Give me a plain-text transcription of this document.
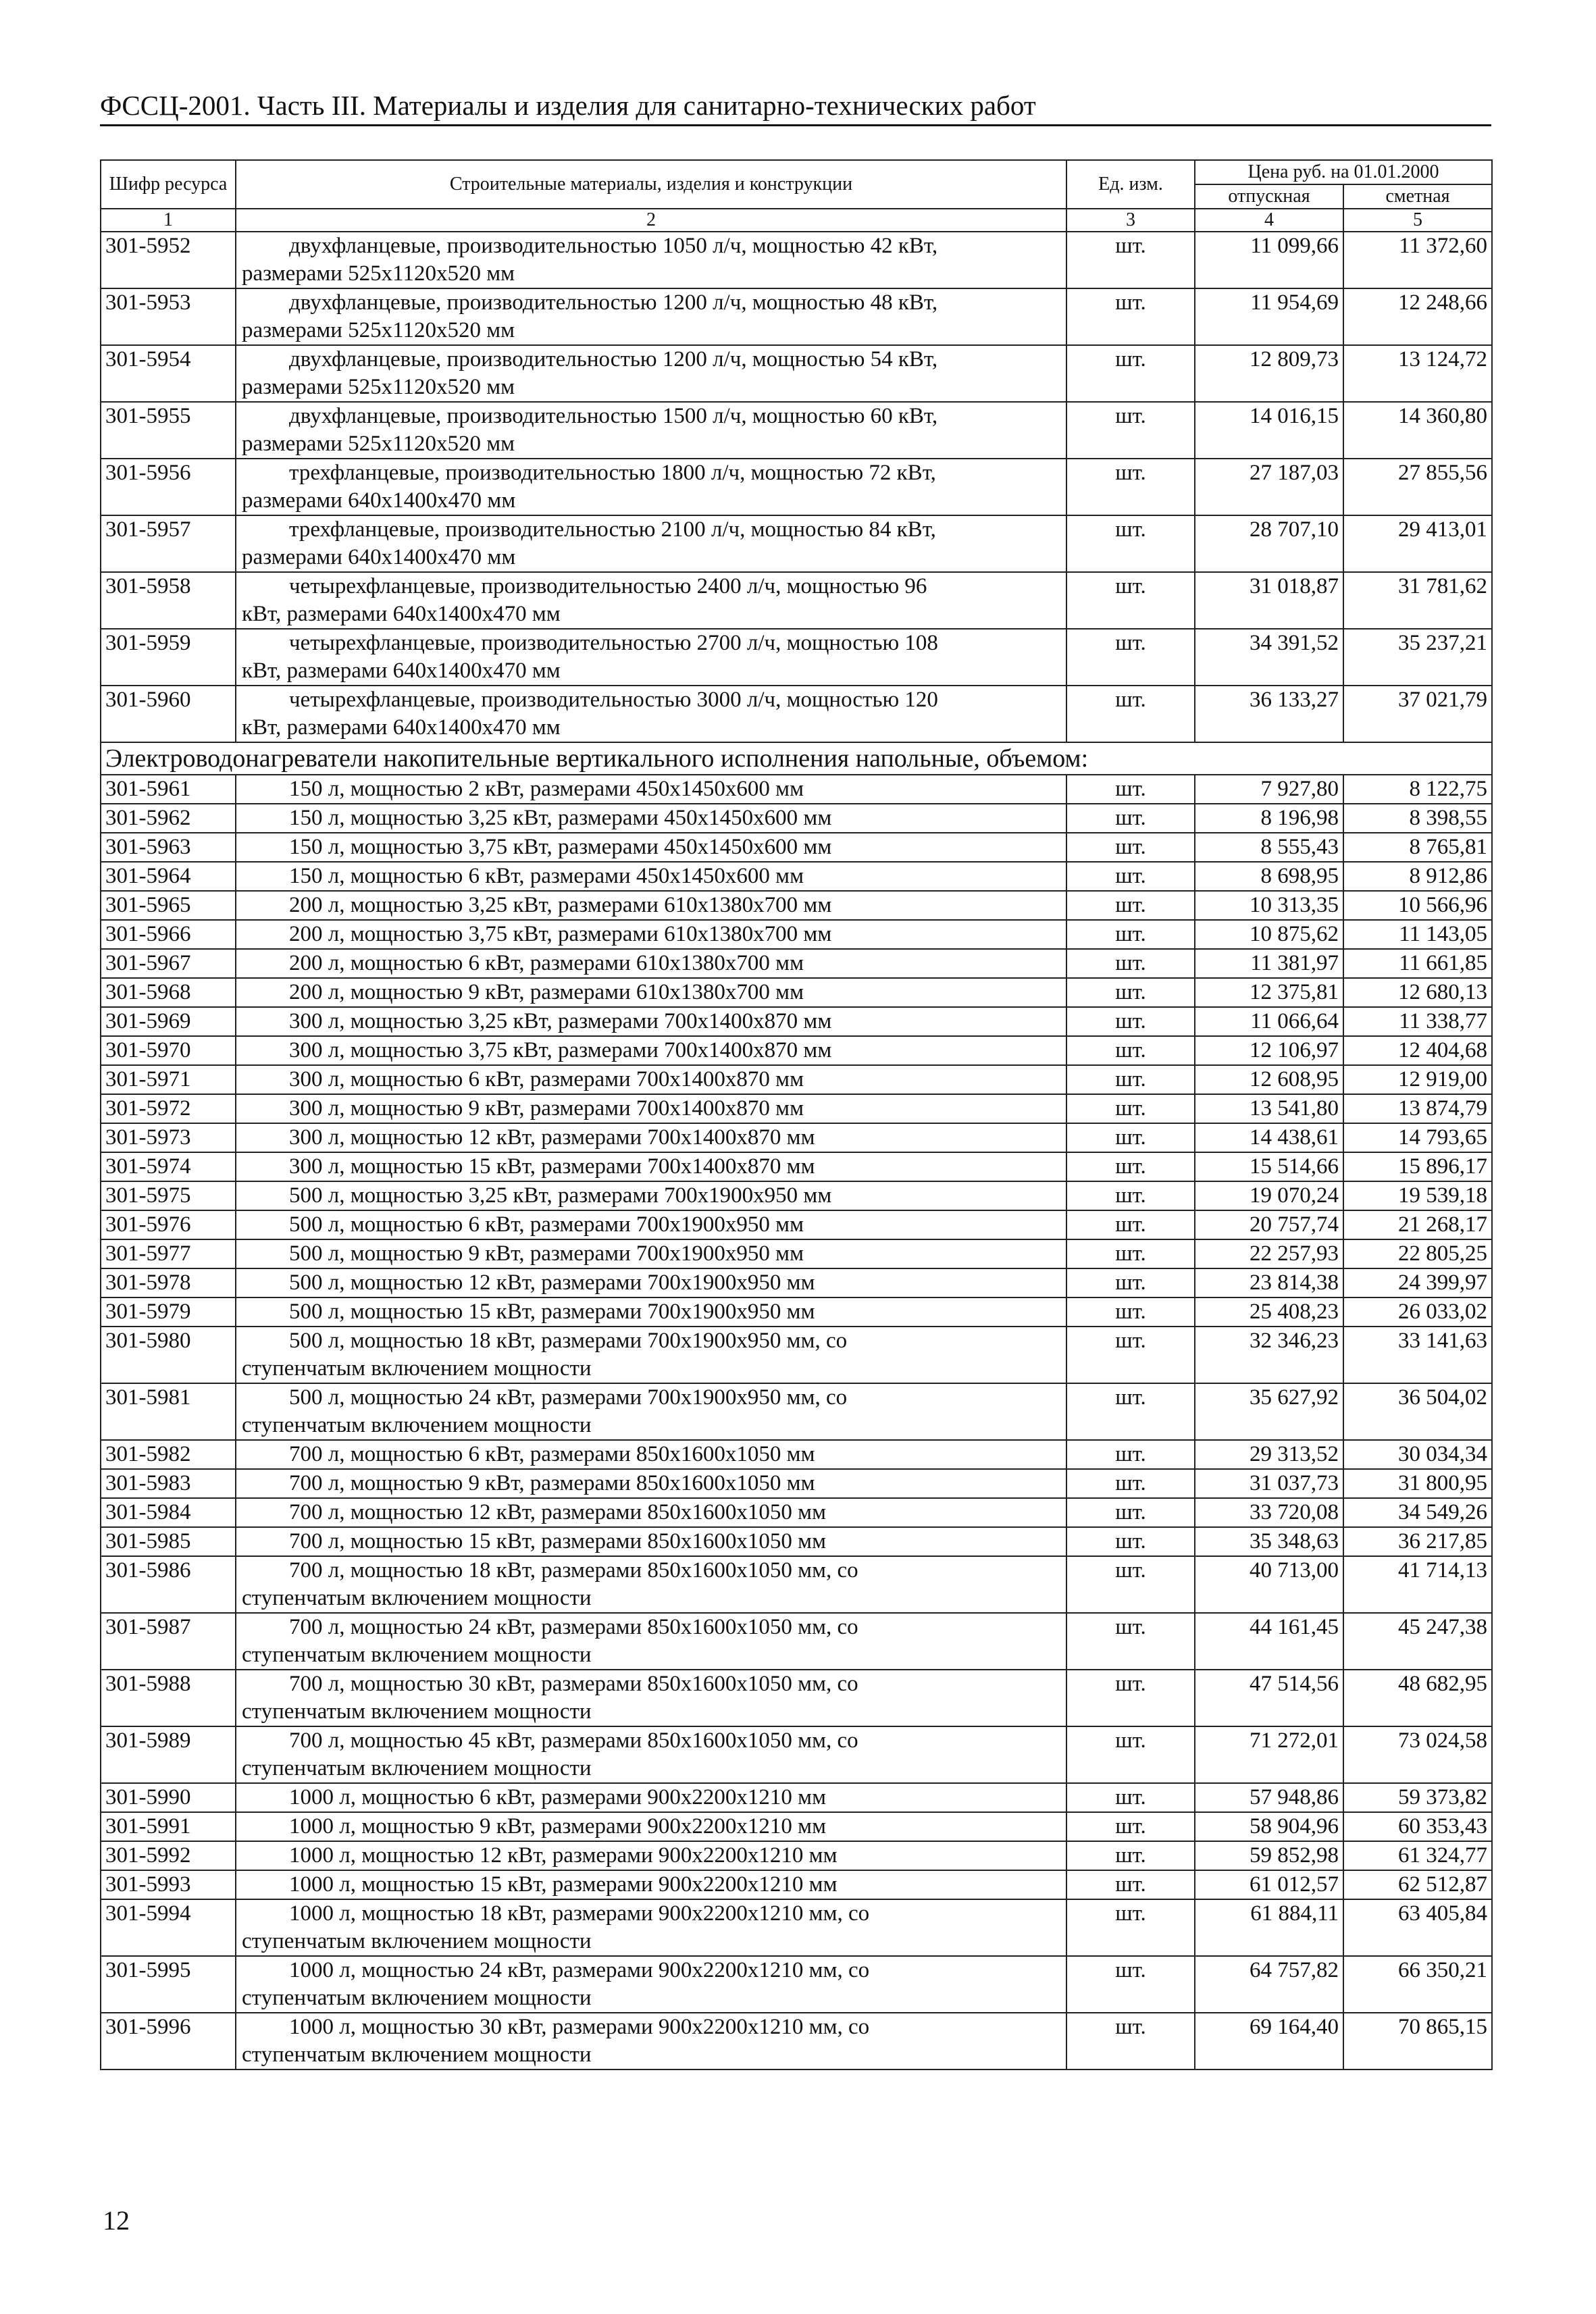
ФССЦ-2001. Часть III. Материалы и изделия для санитарно-технических работ
Шифр ресурса	Строительные материалы, изделия и конструкции	Ед. изм.	Цена руб. на 01.01.2000	
			отпускная	сметная
1	2	3	4	5
301-5952	двухфланцевые, производительностью 1050 л/ч, мощностью 42 кВт,
размерами 525х1120х520 мм	шт.	11 099,66	11 372,60
301-5953	двухфланцевые, производительностью 1200 л/ч, мощностью 48 кВт,
размерами 525х1120х520 мм	шт.	11 954,69	12 248,66
301-5954	двухфланцевые, производительностью 1200 л/ч, мощностью 54 кВт,
размерами 525х1120х520 мм	шт.	12 809,73	13 124,72
301-5955	двухфланцевые, производительностью 1500 л/ч, мощностью 60 кВт,
размерами 525х1120х520 мм	шт.	14 016,15	14 360,80
301-5956	трехфланцевые, производительностью 1800 л/ч, мощностью 72 кВт,
размерами 640х1400х470 мм	шт.	27 187,03	27 855,56
301-5957	трехфланцевые, производительностью 2100 л/ч, мощностью 84 кВт,
размерами 640х1400х470 мм	шт.	28 707,10	29 413,01
301-5958	четырехфланцевые, производительностью 2400 л/ч, мощностью 96
кВт, размерами 640х1400х470 мм	шт.	31 018,87	31 781,62
301-5959	четырехфланцевые, производительностью 2700 л/ч, мощностью 108
кВт, размерами 640х1400х470 мм	шт.	34 391,52	35 237,21
301-5960	четырехфланцевые, производительностью 3000 л/ч, мощностью 120
кВт, размерами 640х1400х470 мм	шт.	36 133,27	37 021,79
Электроводонагреватели накопительные вертикального исполнения напольные, объемом:				
301-5961	150 л, мощностью 2 кВт, размерами 450х1450х600 мм	шт.	7 927,80	8 122,75
301-5962	150 л, мощностью 3,25 кВт, размерами 450х1450х600 мм	шт.	8 196,98	8 398,55
301-5963	150 л, мощностью 3,75 кВт, размерами 450х1450х600 мм	шт.	8 555,43	8 765,81
301-5964	150 л, мощностью 6 кВт, размерами 450х1450х600 мм	шт.	8 698,95	8 912,86
301-5965	200 л, мощностью 3,25 кВт, размерами 610х1380х700 мм	шт.	10 313,35	10 566,96
301-5966	200 л, мощностью 3,75 кВт, размерами 610х1380х700 мм	шт.	10 875,62	11 143,05
301-5967	200 л, мощностью 6 кВт, размерами 610х1380х700 мм	шт.	11 381,97	11 661,85
301-5968	200 л, мощностью 9 кВт, размерами 610х1380х700 мм	шт.	12 375,81	12 680,13
301-5969	300 л, мощностью 3,25 кВт, размерами 700х1400х870 мм	шт.	11 066,64	11 338,77
301-5970	300 л, мощностью 3,75 кВт, размерами 700х1400х870 мм	шт.	12 106,97	12 404,68
301-5971	300 л, мощностью 6 кВт, размерами 700х1400х870 мм	шт.	12 608,95	12 919,00
301-5972	300 л, мощностью 9 кВт, размерами 700х1400х870 мм	шт.	13 541,80	13 874,79
301-5973	300 л, мощностью 12 кВт, размерами 700х1400х870 мм	шт.	14 438,61	14 793,65
301-5974	300 л, мощностью 15 кВт, размерами 700х1400х870 мм	шт.	15 514,66	15 896,17
301-5975	500 л, мощностью 3,25 кВт, размерами 700х1900х950 мм	шт.	19 070,24	19 539,18
301-5976	500 л, мощностью 6 кВт, размерами 700х1900х950 мм	шт.	20 757,74	21 268,17
301-5977	500 л, мощностью 9 кВт, размерами 700х1900х950 мм	шт.	22 257,93	22 805,25
301-5978	500 л, мощностью 12 кВт, размерами 700х1900х950 мм	шт.	23 814,38	24 399,97
301-5979	500 л, мощностью 15 кВт, размерами 700х1900х950 мм	шт.	25 408,23	26 033,02
301-5980	500 л, мощностью 18 кВт, размерами 700х1900х950 мм, со
ступенчатым включением мощности	шт.	32 346,23	33 141,63
301-5981	500 л, мощностью 24 кВт, размерами 700х1900х950 мм, со
ступенчатым включением мощности	шт.	35 627,92	36 504,02
301-5982	700 л, мощностью 6 кВт, размерами 850х1600х1050 мм	шт.	29 313,52	30 034,34
301-5983	700 л, мощностью 9 кВт, размерами 850х1600х1050 мм	шт.	31 037,73	31 800,95
301-5984	700 л, мощностью 12 кВт, размерами 850х1600х1050 мм	шт.	33 720,08	34 549,26
301-5985	700 л, мощностью 15 кВт, размерами 850х1600х1050 мм	шт.	35 348,63	36 217,85
301-5986	700 л, мощностью 18 кВт, размерами 850х1600х1050 мм, со
ступенчатым включением мощности	шт.	40 713,00	41 714,13
301-5987	700 л, мощностью 24 кВт, размерами 850х1600х1050 мм, со
ступенчатым включением мощности	шт.	44 161,45	45 247,38
301-5988	700 л, мощностью 30 кВт, размерами 850х1600х1050 мм, со
ступенчатым включением мощности	шт.	47 514,56	48 682,95
301-5989	700 л, мощностью 45 кВт, размерами 850х1600х1050 мм, со
ступенчатым включением мощности	шт.	71 272,01	73 024,58
301-5990	1000 л, мощностью 6 кВт, размерами 900х2200х1210 мм	шт.	57 948,86	59 373,82
301-5991	1000 л, мощностью 9 кВт, размерами 900х2200х1210 мм	шт.	58 904,96	60 353,43
301-5992	1000 л, мощностью 12 кВт, размерами 900х2200х1210 мм	шт.	59 852,98	61 324,77
301-5993	1000 л, мощностью 15 кВт, размерами 900х2200х1210 мм	шт.	61 012,57	62 512,87
301-5994	1000 л, мощностью 18 кВт, размерами 900х2200х1210 мм, со
ступенчатым включением мощности	шт.	61 884,11	63 405,84
301-5995	1000 л, мощностью 24 кВт, размерами 900х2200х1210 мм, со
ступенчатым включением мощности	шт.	64 757,82	66 350,21
301-5996	1000 л, мощностью 30 кВт, размерами 900х2200х1210 мм, со
ступенчатым включением мощности	шт.	69 164,40	70 865,15
12
